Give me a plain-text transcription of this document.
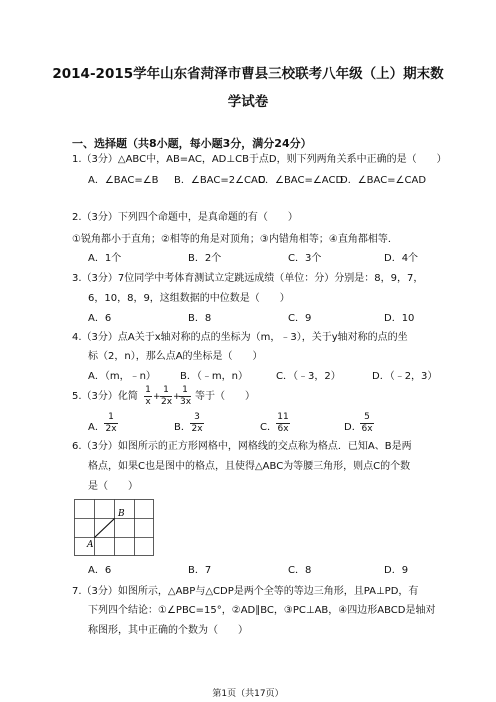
2014-2015学年山东省菏泽市曹县三校联考八年级（上）期末数
学试卷
一、选择题（共8小题，每小题3分，满分24分）
1.（3分）△ABC中，AB=AC，AD⊥CB于点D，则下列两角关系中正确的是（　　）
A．∠BAC=∠B B．∠BAC=2∠CAD
C．∠BAC=∠ACD
D．∠BAC=∠CAD
2.（3分）下列四个命题中，是真命题的有（　　）
①锐角都小于直角；②相等的角是对顶角；③内错角相等；④直角都相等．
A．1个	B．2个	C．3个	D．4个
3.（3分）7位同学中考体育测试立定跳远成绩（单位：分）分别是：8，9，7，
6，10，8，9，这组数据的中位数是（　　）
A．6	B．8	C．9	D．10
4.（3分）点A关于x轴对称的点的坐标为（m，﹣3），关于y轴对称的点的坐
标（2，n），那么点A的坐标是（　　）
A．（m，﹣n） B．（﹣m，n）	C．（﹣3，2）	D．（﹣2，3）
5.（3分）化简 $\frac{1}{x} + \frac{1}{2x}$ +
$\frac{1}{3x}$ 等于（　　）
A． $\frac{1}{2x}$	B． $\frac{3}{2x}$	C． $\frac{11}{6x}$	D．
$\frac{5}{6x}$
6.（3分）如图所示的正方形网格中，网格线的交点称为格点．已知A、B是两
格点，如果C也是图中的格点，且使得△ABC为等腰三角形，则点C的个数
是（　　）
A
B
A．6	B．7	C．8	D．9
7.（3分）如图所示，△ABP与△CDP是两个全等的等边三角形，且PA⊥PD，有
下列四个结论：①∠PBC=15°，②AD∥BC，③PC⊥AB，④四边形ABCD是轴对
称图形，其中正确的个数为（　　）
第1页（共17页）
